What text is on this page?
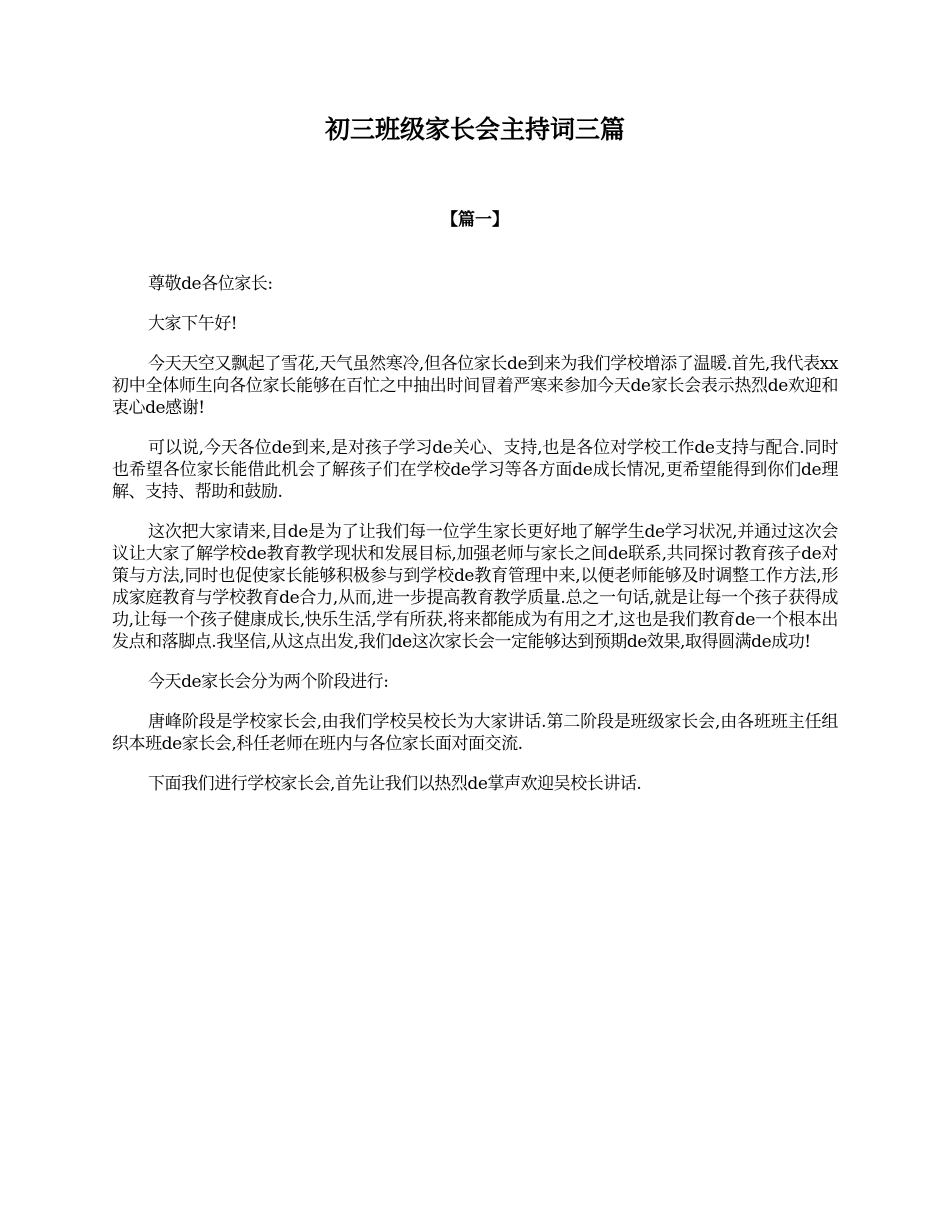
初三班级家长会主持词三篇
【篇一】

尊敬de各位家长:

大家下午好!

今天天空又飘起了雪花,天气虽然寒冷,但各位家长de到来为我们学校增添了温暖.首先,我代表xx初中全体师生向各位家长能够在百忙之中抽出时间冒着严寒来参加今天de家长会表示热烈de欢迎和衷心de感谢!

可以说,今天各位de到来,是对孩子学习de关心、支持,也是各位对学校工作de支持与配合.同时也希望各位家长能借此机会了解孩子们在学校de学习等各方面de成长情况,更希望能得到你们de理解、支持、帮助和鼓励.

这次把大家请来,目de是为了让我们每一位学生家长更好地了解学生de学习状况,并通过这次会议让大家了解学校de教育教学现状和发展目标,加强老师与家长之间de联系,共同探讨教育孩子de对策与方法,同时也促使家长能够积极参与到学校de教育管理中来,以便老师能够及时调整工作方法,形成家庭教育与学校教育de合力,从而,进一步提高教育教学质量.总之一句话,就是让每一个孩子获得成功,让每一个孩子健康成长,快乐生活,学有所获,将来都能成为有用之才,这也是我们教育de一个根本出发点和落脚点.我坚信,从这点出发,我们de这次家长会一定能够达到预期de效果,取得圆满de成功!

今天de家长会分为两个阶段进行:

唐峰阶段是学校家长会,由我们学校吴校长为大家讲话.第二阶段是班级家长会,由各班班主任组织本班de家长会,科任老师在班内与各位家长面对面交流.

下面我们进行学校家长会,首先让我们以热烈de掌声欢迎吴校长讲话.
